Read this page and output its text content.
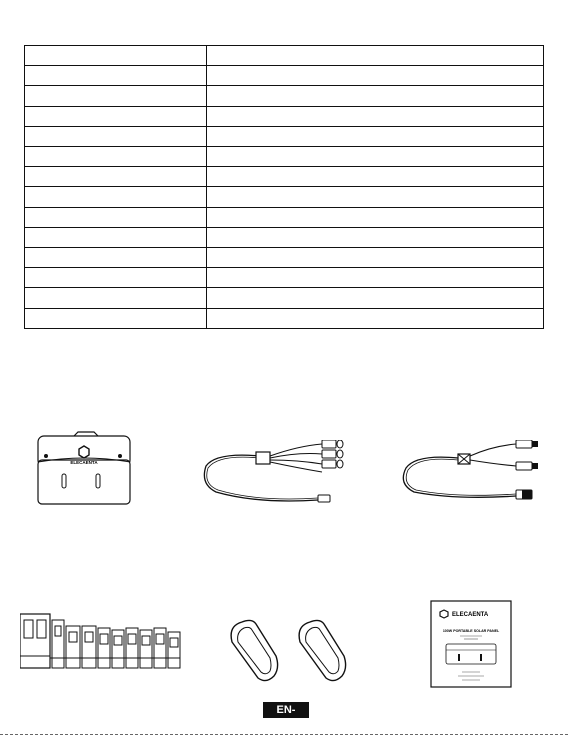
ELECAENTA
ELECAENTA
100W PORTABLE SOLAR PANEL
EN-
